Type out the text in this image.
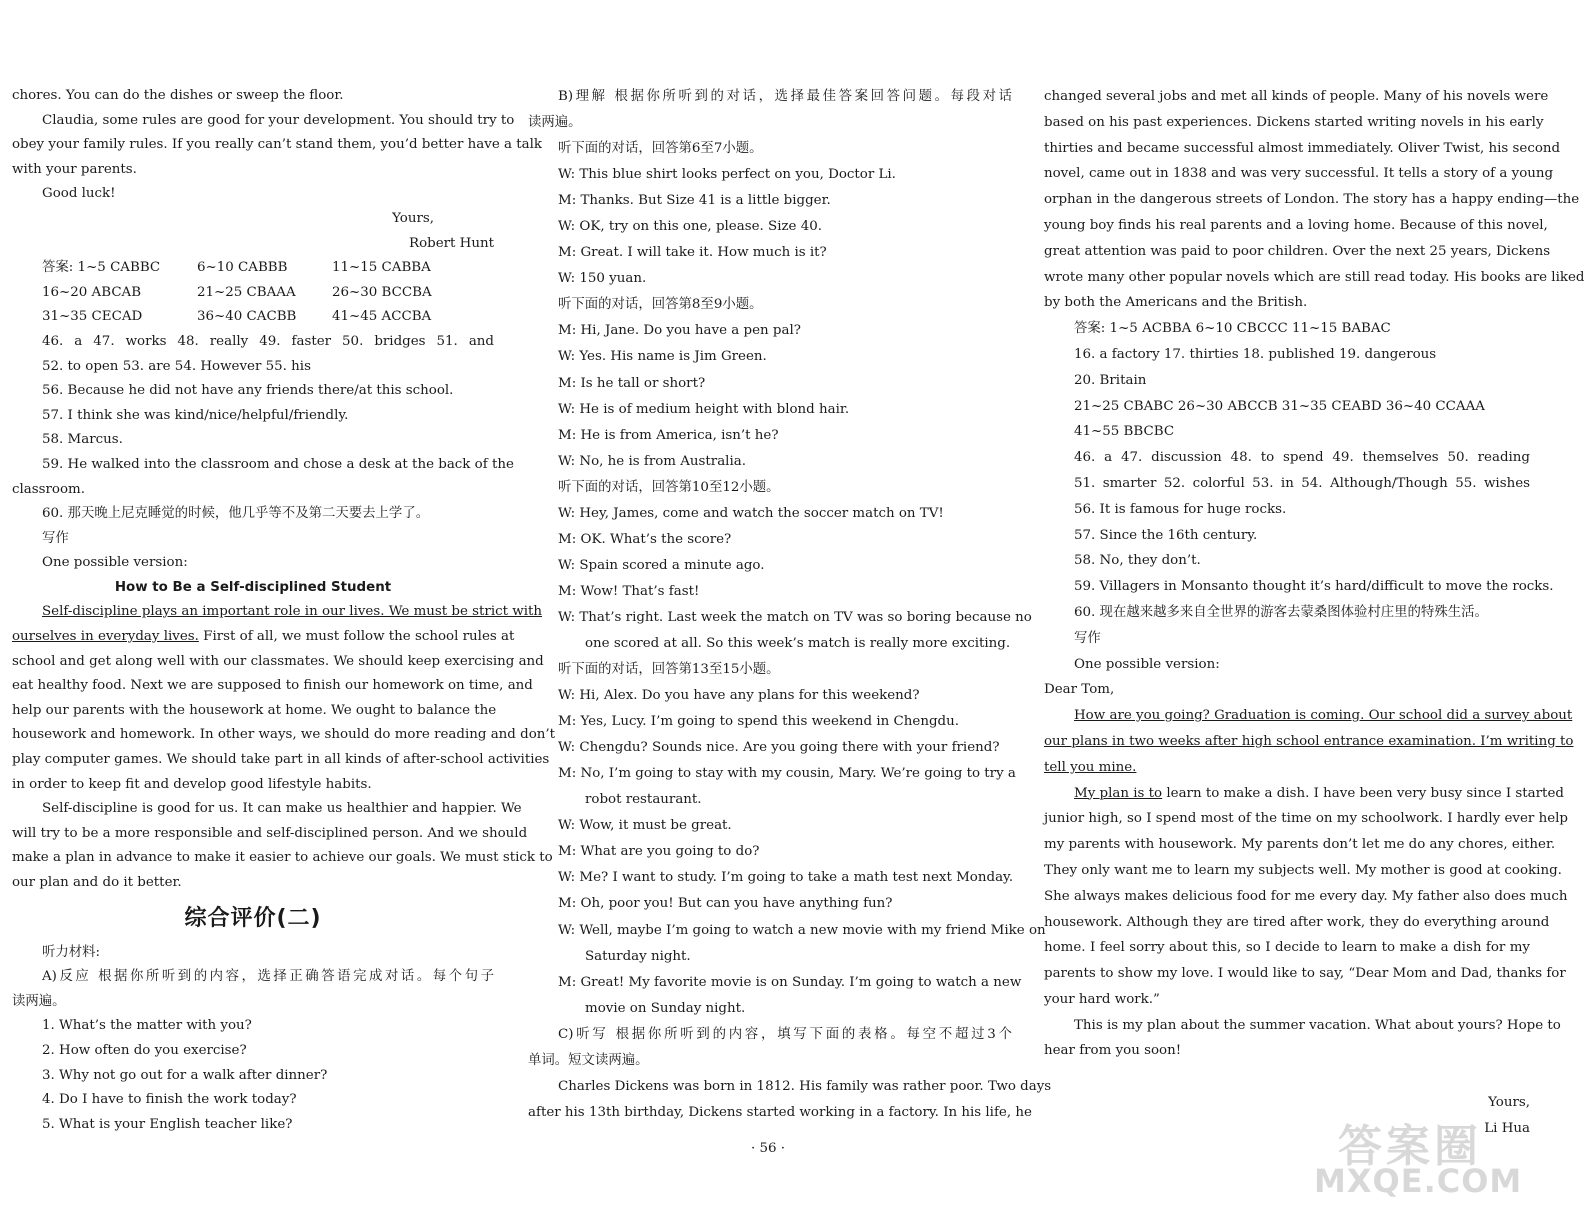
chores. You can do the dishes or sweep the floor.
Claudia, some rules are good for your development. You should try to
obey your family rules. If you really can’t stand them, you’d better have a talk
with your parents.
Good luck!
Yours,
Robert Hunt
答案: 1~5 CABBC	6~10 CABBB	11~15 CABBA
16~20 ABCAB	21~25 CBAAA	26~30 BCCBA
31~35 CECAD	36~40 CACBB	41~45 ACCBA
46. a 47. works 48. really 49. faster 50. bridges 51. and
52. to open 53. are 54. However 55. his
56. Because he did not have any friends there/at this school.
57. I think she was kind/nice/helpful/friendly.
58. Marcus.
59. He walked into the classroom and chose a desk at the back of the
classroom.
60. 那天晚上尼克睡觉的时候，他几乎等不及第二天要去上学了。
写作
One possible version:
How to Be a Self-disciplined Student
Self-discipline plays an important role in our lives. We must be strict with
ourselves in everyday lives. First of all, we must follow the school rules at
school and get along well with our classmates. We should keep exercising and
eat healthy food. Next we are supposed to finish our homework on time, and
help our parents with the housework at home. We ought to balance the
housework and homework. In other ways, we should do more reading and don’t
play computer games. We should take part in all kinds of after-school activities
in order to keep fit and develop good lifestyle habits.
Self-discipline is good for us. It can make us healthier and happier. We
will try to be a more responsible and self-disciplined person. And we should
make a plan in advance to make it easier to achieve our goals. We must stick to
our plan and do it better.
综合评价(二)
听力材料:
A)反应 根据你所听到的内容，选择正确答语完成对话。每个句子
读两遍。
1. What’s the matter with you?
2. How often do you exercise?
3. Why not go out for a walk after dinner?
4. Do I have to finish the work today?
5. What is your English teacher like?
B)理解 根据你所听到的对话，选择最佳答案回答问题。每段对话
读两遍。
听下面的对话，回答第6至7小题。
W: This blue shirt looks perfect on you, Doctor Li.
M: Thanks. But Size 41 is a little bigger.
W: OK, try on this one, please. Size 40.
M: Great. I will take it. How much is it?
W: 150 yuan.
听下面的对话，回答第8至9小题。
M: Hi, Jane. Do you have a pen pal?
W: Yes. His name is Jim Green.
M: Is he tall or short?
W: He is of medium height with blond hair.
M: He is from America, isn’t he?
W: No, he is from Australia.
听下面的对话，回答第10至12小题。
W: Hey, James, come and watch the soccer match on TV!
M: OK. What’s the score?
W: Spain scored a minute ago.
M: Wow! That’s fast!
W: That’s right. Last week the match on TV was so boring because no
one scored at all. So this week’s match is really more exciting.
听下面的对话，回答第13至15小题。
W: Hi, Alex. Do you have any plans for this weekend?
M: Yes, Lucy. I’m going to spend this weekend in Chengdu.
W: Chengdu? Sounds nice. Are you going there with your friend?
M: No, I’m going to stay with my cousin, Mary. We’re going to try a
robot restaurant.
W: Wow, it must be great.
M: What are you going to do?
W: Me? I want to study. I’m going to take a math test next Monday.
M: Oh, poor you! But can you have anything fun?
W: Well, maybe I’m going to watch a new movie with my friend Mike on
Saturday night.
M: Great! My favorite movie is on Sunday. I’m going to watch a new
movie on Sunday night.
C)听写 根据你所听到的内容，填写下面的表格。每空不超过3个
单词。短文读两遍。
Charles Dickens was born in 1812. His family was rather poor. Two days
after his 13th birthday, Dickens started working in a factory. In his life, he
changed several jobs and met all kinds of people. Many of his novels were
based on his past experiences. Dickens started writing novels in his early
thirties and became successful almost immediately. Oliver Twist, his second
novel, came out in 1838 and was very successful. It tells a story of a young
orphan in the dangerous streets of London. The story has a happy ending—the
young boy finds his real parents and a loving home. Because of this novel,
great attention was paid to poor children. Over the next 25 years, Dickens
wrote many other popular novels which are still read today. His books are liked
by both the Americans and the British.
答案: 1~5 ACBBA 6~10 CBCCC 11~15 BABAC
16. a factory 17. thirties 18. published 19. dangerous
20. Britain
21~25 CBABC 26~30 ABCCB 31~35 CEABD 36~40 CCAAA
41~55 BBCBC
46. a 47. discussion 48. to spend 49. themselves 50. reading
51. smarter 52. colorful 53. in 54. Although/Though 55. wishes
56. It is famous for huge rocks.
57. Since the 16th century.
58. No, they don’t.
59. Villagers in Monsanto thought it’s hard/difficult to move the rocks.
60. 现在越来越多来自全世界的游客去蒙桑图体验村庄里的特殊生活。
写作
One possible version:
Dear Tom,
How are you going? Graduation is coming. Our school did a survey about
our plans in two weeks after high school entrance examination. I’m writing to
tell you mine.
My plan is to learn to make a dish. I have been very busy since I started
junior high, so I spend most of the time on my schoolwork. I hardly ever help
my parents with housework. My parents don’t let me do any chores, either.
They only want me to learn my subjects well. My mother is good at cooking.
She always makes delicious food for me every day. My father also does much
housework. Although they are tired after work, they do everything around
home. I feel sorry about this, so I decide to learn to make a dish for my
parents to show my love. I would like to say, “Dear Mom and Dad, thanks for
your hard work.”
This is my plan about the summer vacation. What about yours? Hope to
hear from you soon!
Yours,
Li Hua
· 56 ·	答案圈
MXQE.COM
